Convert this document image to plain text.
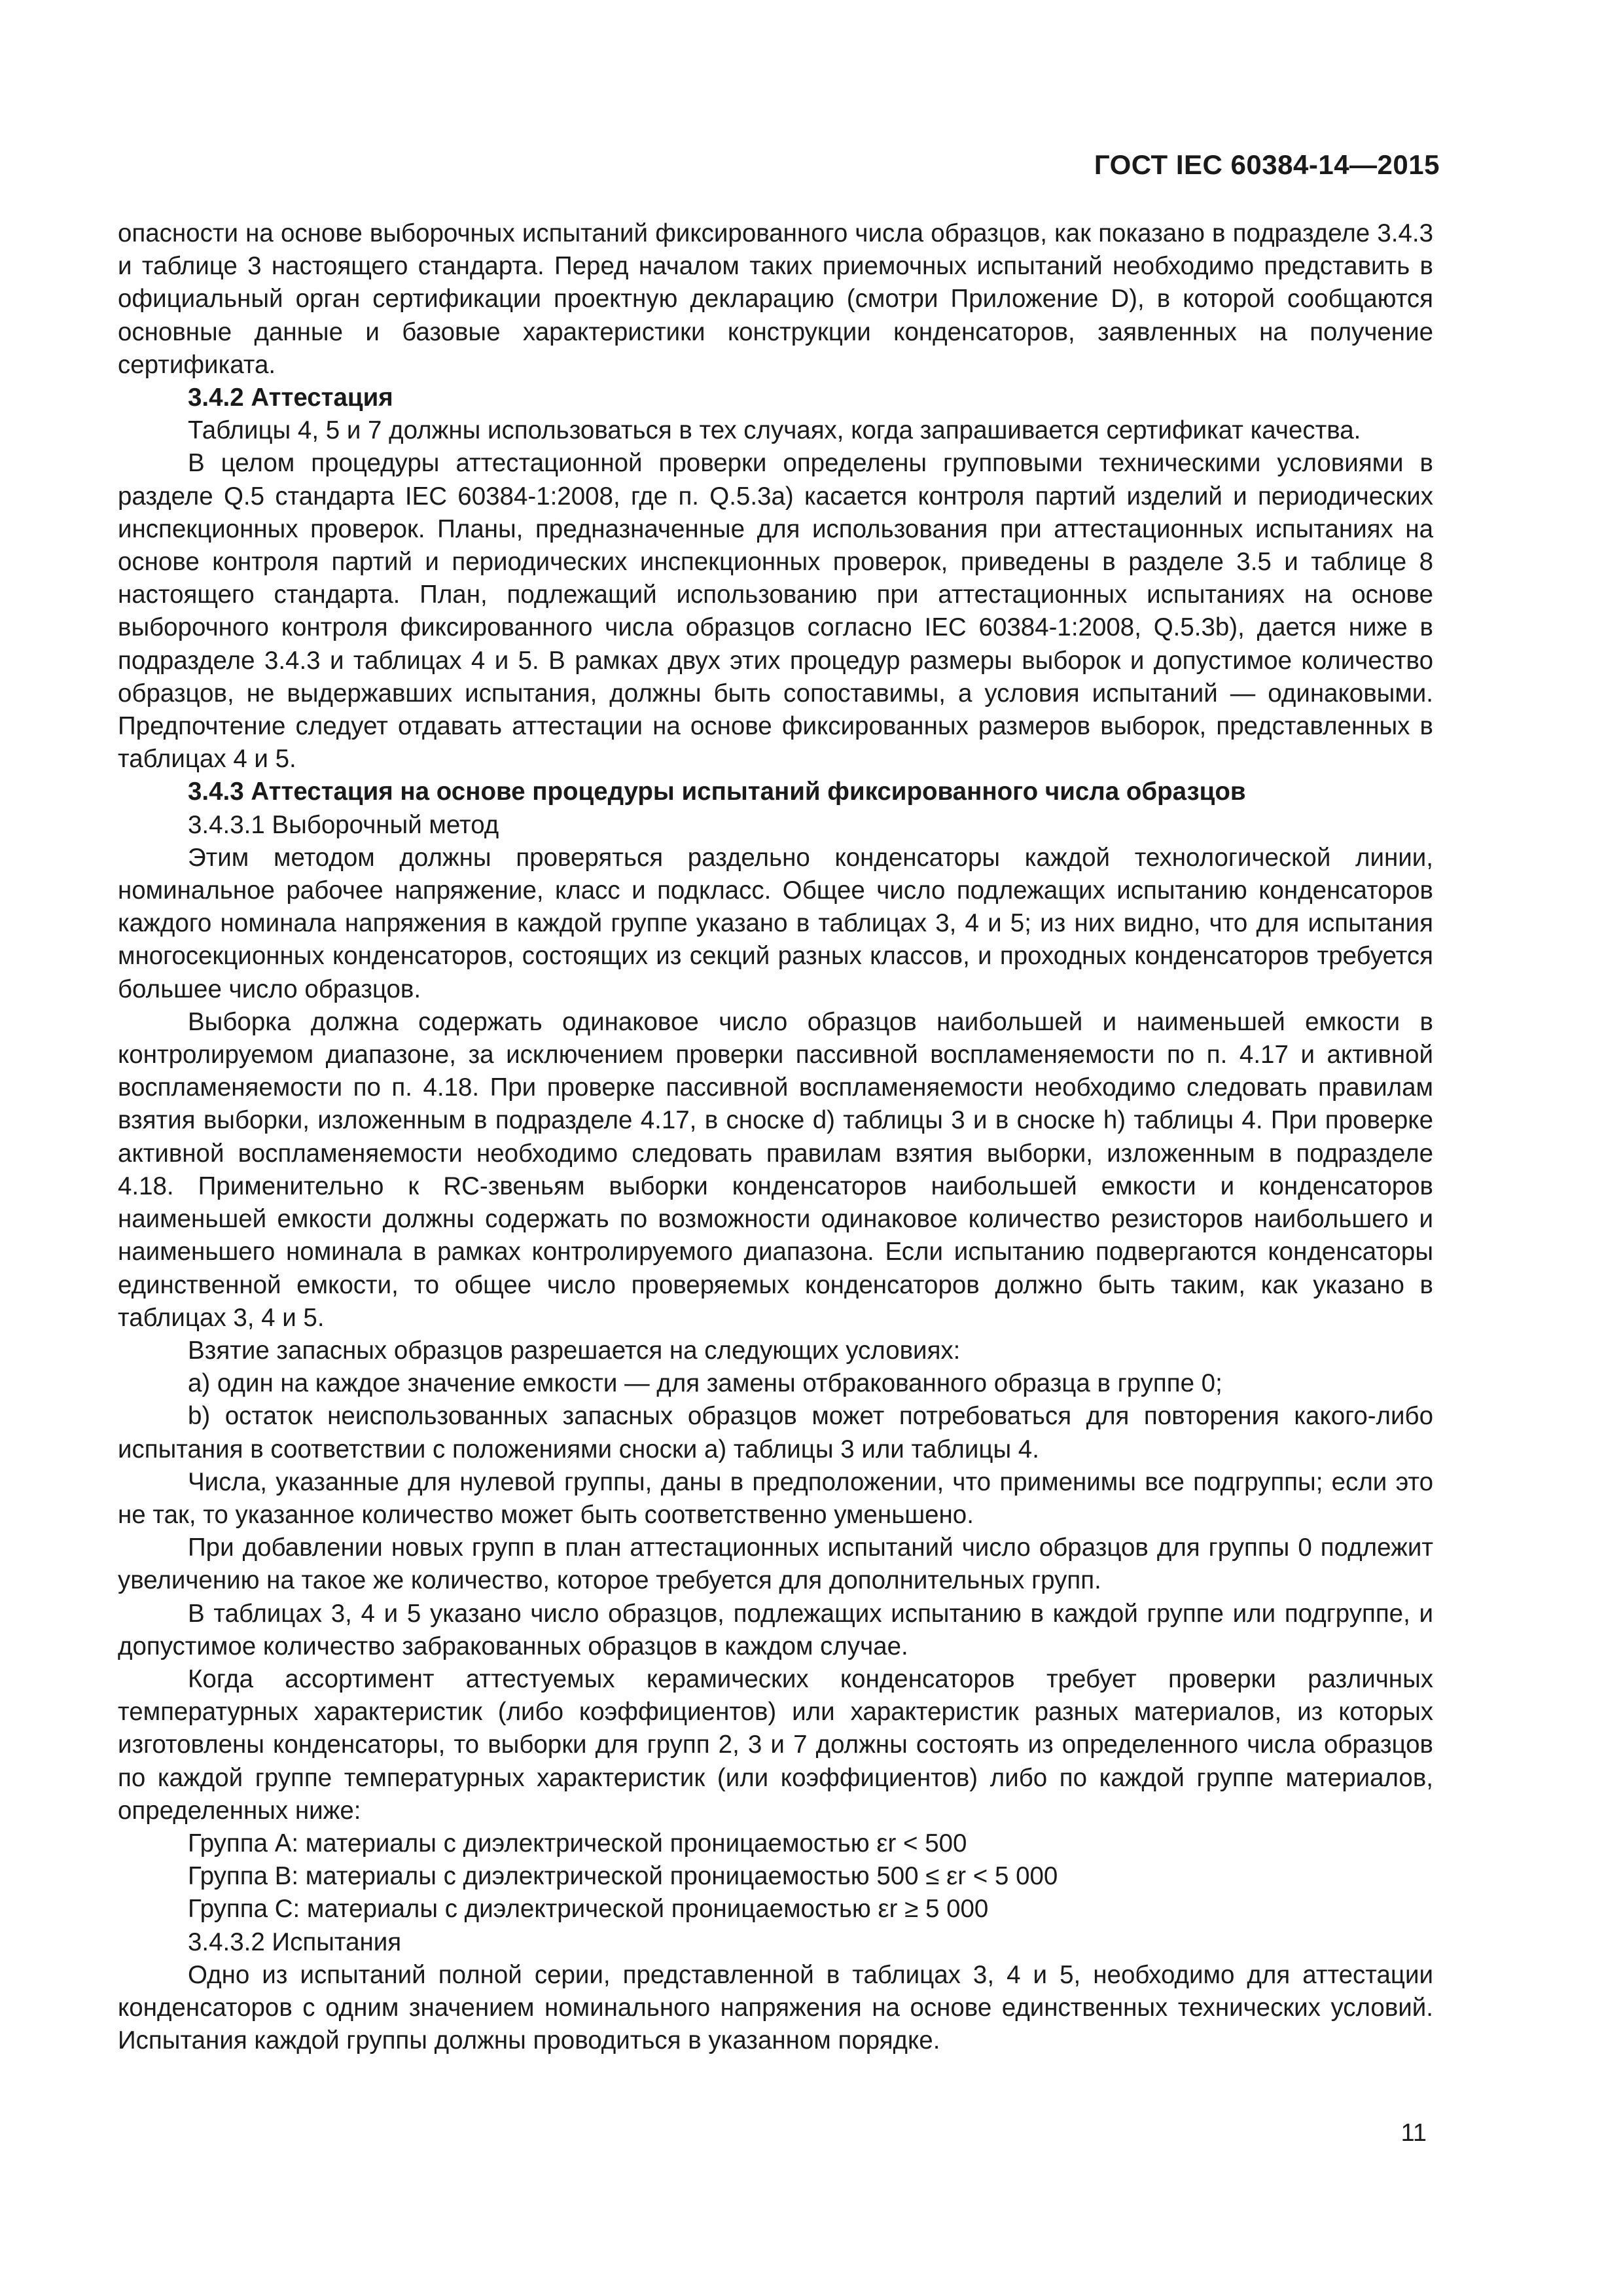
ГОСТ IEC 60384-14—2015

опасности на основе выборочных испытаний фиксированного числа образцов, как показано в подразделе 3.4.3 и таблице 3 настоящего стандарта. Перед началом таких приемочных испытаний необходимо представить в официальный орган сертификации проектную декларацию (смотри Приложение D), в которой сообщаются основные данные и базовые характеристики конструкции конденсаторов, заявленных на получение сертификата.

3.4.2 Аттестация

Таблицы 4, 5 и 7 должны использоваться в тех случаях, когда запрашивается сертификат качества.

В целом процедуры аттестационной проверки определены групповыми техническими условиями в разделе Q.5 стандарта IEC 60384-1:2008, где п. Q.5.3a) касается контроля партий изделий и периодических инспекционных проверок. Планы, предназначенные для использования при аттестационных испытаниях на основе контроля партий и периодических инспекционных проверок, приведены в разделе 3.5 и таблице 8 настоящего стандарта. План, подлежащий использованию при аттестационных испытаниях на основе выборочного контроля фиксированного числа образцов согласно IEC 60384-1:2008, Q.5.3b), дается ниже в подразделе 3.4.3 и таблицах 4 и 5. В рамках двух этих процедур размеры выборок и допустимое количество образцов, не выдержавших испытания, должны быть сопоставимы, а условия испытаний — одинаковыми. Предпочтение следует отдавать аттестации на основе фиксированных размеров выборок, представленных в таблицах 4 и 5.

3.4.3 Аттестация на основе процедуры испытаний фиксированного числа образцов

3.4.3.1 Выборочный метод

Этим методом должны проверяться раздельно конденсаторы каждой технологической линии, номинальное рабочее напряжение, класс и подкласс. Общее число подлежащих испытанию конденсаторов каждого номинала напряжения в каждой группе указано в таблицах 3, 4 и 5; из них видно, что для испытания многосекционных конденсаторов, состоящих из секций разных классов, и проходных конденсаторов требуется большее число образцов.

Выборка должна содержать одинаковое число образцов наибольшей и наименьшей емкости в контролируемом диапазоне, за исключением проверки пассивной воспламеняемости по п. 4.17 и активной воспламеняемости по п. 4.18. При проверке пассивной воспламеняемости необходимо следовать правилам взятия выборки, изложенным в подразделе 4.17, в сноске d) таблицы 3 и в сноске h) таблицы 4. При проверке активной воспламеняемости необходимо следовать правилам взятия выборки, изложенным в подразделе 4.18. Применительно к RC-звеньям выборки конденсаторов наибольшей емкости и конденсаторов наименьшей емкости должны содержать по возможности одинаковое количество резисторов наибольшего и наименьшего номинала в рамках контролируемого диапазона. Если испытанию подвергаются конденсаторы единственной емкости, то общее число проверяемых конденсаторов должно быть таким, как указано в таблицах 3, 4 и 5.

Взятие запасных образцов разрешается на следующих условиях:

a) один на каждое значение емкости — для замены отбракованного образца в группе 0;

b) остаток неиспользованных запасных образцов может потребоваться для повторения какого-либо испытания в соответствии с положениями сноски a) таблицы 3 или таблицы 4.

Числа, указанные для нулевой группы, даны в предположении, что применимы все подгруппы; если это не так, то указанное количество может быть соответственно уменьшено.

При добавлении новых групп в план аттестационных испытаний число образцов для группы 0 подлежит увеличению на такое же количество, которое требуется для дополнительных групп.

В таблицах 3, 4 и 5 указано число образцов, подлежащих испытанию в каждой группе или подгруппе, и допустимое количество забракованных образцов в каждом случае.

Когда ассортимент аттестуемых керамических конденсаторов требует проверки различных температурных характеристик (либо коэффициентов) или характеристик разных материалов, из которых изготовлены конденсаторы, то выборки для групп 2, 3 и 7 должны состоять из определенного числа образцов по каждой группе температурных характеристик (или коэффициентов) либо по каждой группе материалов, определенных ниже:

Группа A: материалы с диэлектрической проницаемостью εr < 500

Группа B: материалы с диэлектрической проницаемостью 500 ≤ εr < 5 000

Группа C: материалы с диэлектрической проницаемостью εr ≥ 5 000

3.4.3.2 Испытания

Одно из испытаний полной серии, представленной в таблицах 3, 4 и 5, необходимо для аттестации конденсаторов с одним значением номинального напряжения на основе единственных технических условий. Испытания каждой группы должны проводиться в указанном порядке.

11
